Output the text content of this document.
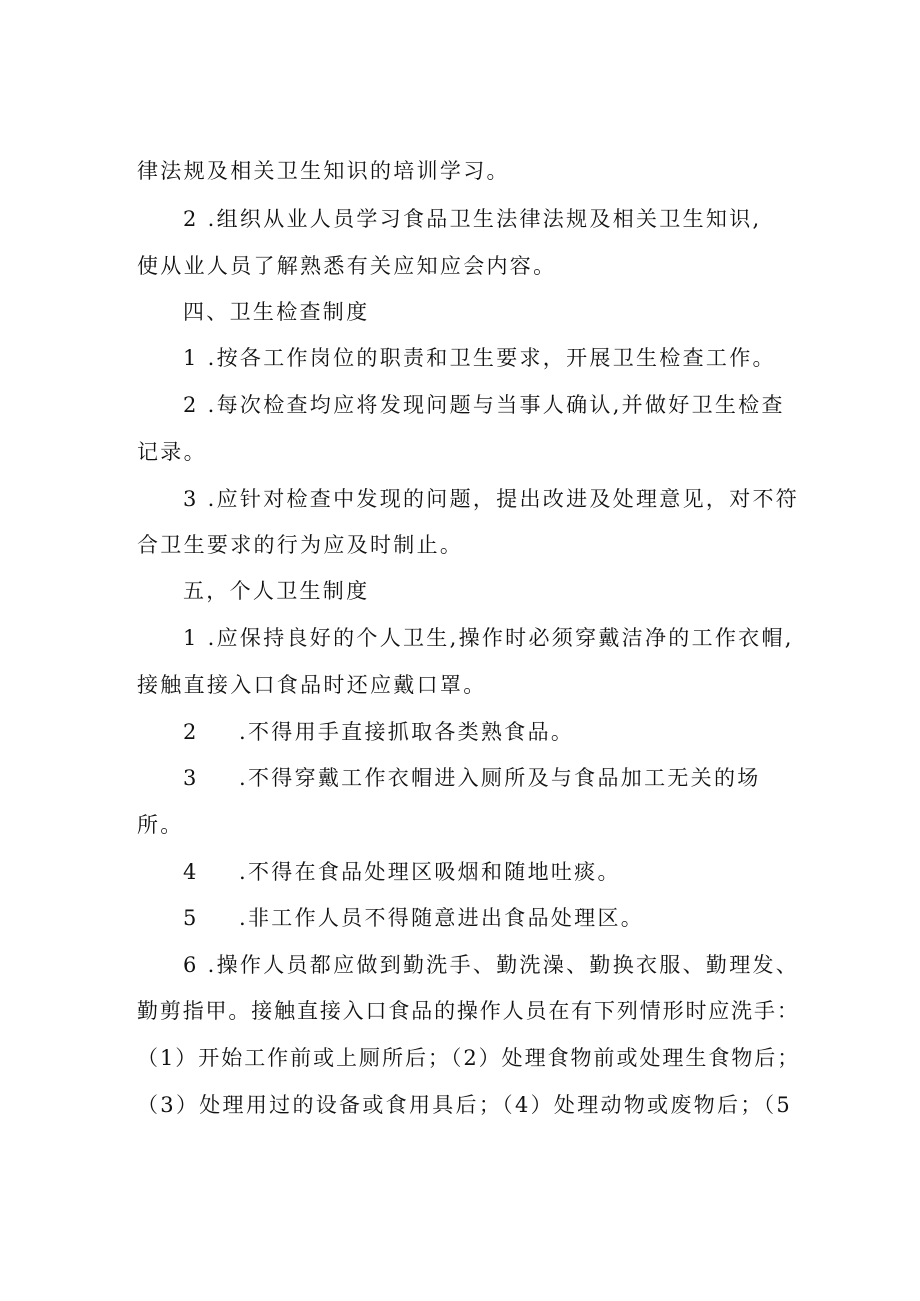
律法规及相关卫生知识的培训学习。
2 .组织从业人员学习食品卫生法律法规及相关卫生知识,
使从业人员了解熟悉有关应知应会内容。
四、卫生检查制度
1 .按各工作岗位的职责和卫生要求，开展卫生检查工作。
2 .每次检查均应将发现问题与当事人确认,并做好卫生检查
记录。
3 .应针对检查中发现的问题，提出改进及处理意见，对不符
合卫生要求的行为应及时制止。
五，个人卫生制度
1 .应保持良好的个人卫生,操作时必须穿戴洁净的工作衣帽,
接触直接入口食品时还应戴口罩。
2 .不得用手直接抓取各类熟食品。
3 .不得穿戴工作衣帽进入厕所及与食品加工无关的场
所。
4 .不得在食品处理区吸烟和随地吐痰。
5 .非工作人员不得随意进出食品处理区。
6 .操作人员都应做到勤洗手、勤洗澡、勤换衣服、勤理发、
勤剪指甲。接触直接入口食品的操作人员在有下列情形时应洗手：
（1）开始工作前或上厕所后；（2）处理食物前或处理生食物后；
（3）处理用过的设备或食用具后；（4）处理动物或废物后；（5
